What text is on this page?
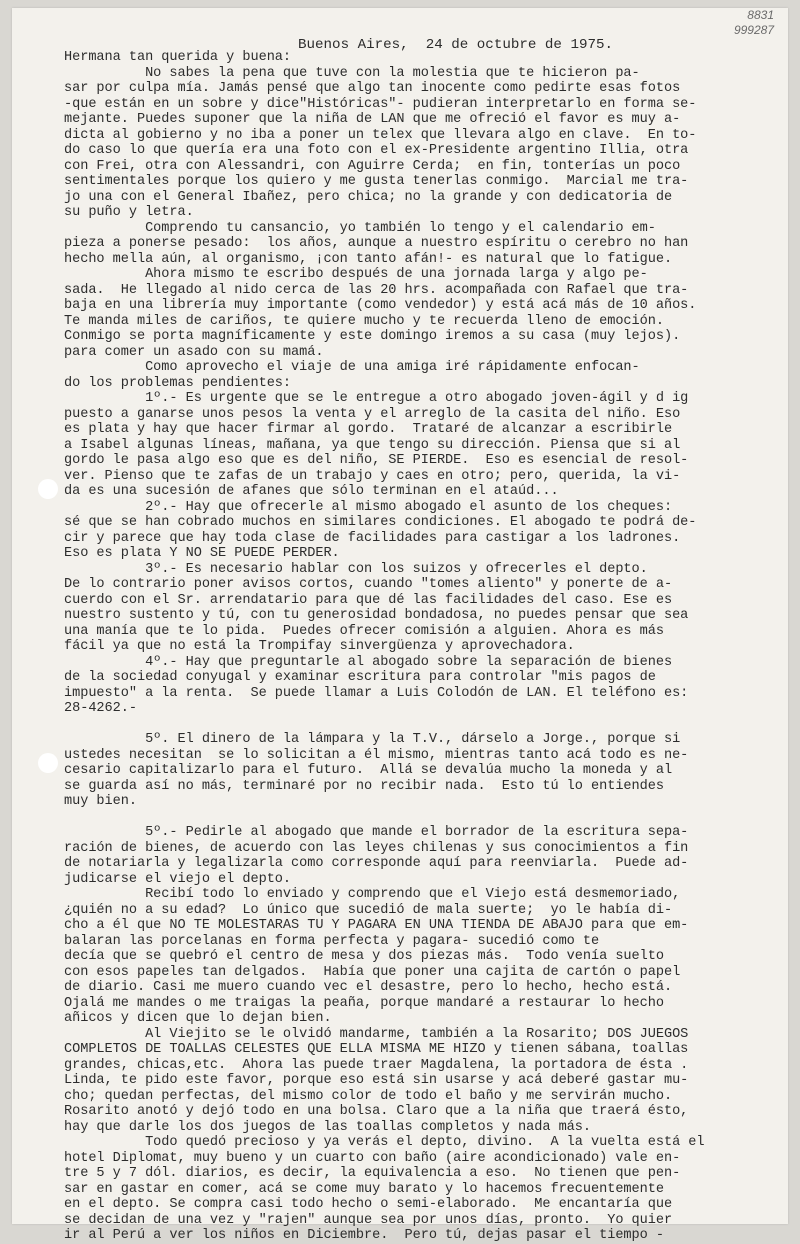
8831
999287
Buenos Aires,  24 de octubre de 1975.
Hermana tan querida y buena:
No sabes la pena que tuve con la molestia que te hicieron pa-
sar por culpa mía. Jamás pensé que algo tan inocente como pedirte esas fotos
-que están en un sobre y dice"Históricas"- pudieran interpretarlo en forma se-
mejante. Puedes suponer que la niña de LAN que me ofreció el favor es muy a-
dicta al gobierno y no iba a poner un telex que llevara algo en clave.  En to-
do caso lo que quería era una foto con el ex-Presidente argentino Illia, otra
con Frei, otra con Alessandri, con Aguirre Cerda;  en fin, tonterías un poco
sentimentales porque los quiero y me gusta tenerlas conmigo.  Marcial me tra-
jo una con el General Ibañez, pero chica; no la grande y con dedicatoria de
su puño y letra.
Comprendo tu cansancio, yo también lo tengo y el calendario em-
pieza a ponerse pesado:  los años, aunque a nuestro espíritu o cerebro no han
hecho mella aún, al organismo, ¡con tanto afán!- es natural que lo fatigue.
Ahora mismo te escribo después de una jornada larga y algo pe-
sada.  He llegado al nido cerca de las 20 hrs. acompañada con Rafael que tra-
baja en una librería muy importante (como vendedor) y está acá más de 10 años.
Te manda miles de cariños, te quiere mucho y te recuerda lleno de emoción.
Conmigo se porta magníficamente y este domingo iremos a su casa (muy lejos).
para comer un asado con su mamá.
Como aprovecho el viaje de una amiga iré rápidamente enfocan-
do los problemas pendientes:
1º.- Es urgente que se le entregue a otro abogado joven-ágil y d ig
puesto a ganarse unos pesos la venta y el arreglo de la casita del niño. Eso
es plata y hay que hacer firmar al gordo.  Trataré de alcanzar a escribirle
a Isabel algunas líneas, mañana, ya que tengo su dirección. Piensa que si al
gordo le pasa algo eso que es del niño, SE PIERDE.  Eso es esencial de resol-
ver. Pienso que te zafas de un trabajo y caes en otro; pero, querida, la vi-
da es una sucesión de afanes que sólo terminan en el ataúd...
2º.- Hay que ofrecerle al mismo abogado el asunto de los cheques:
sé que se han cobrado muchos en similares condiciones. El abogado te podrá de-
cir y parece que hay toda clase de facilidades para castigar a los ladrones.
Eso es plata Y NO SE PUEDE PERDER.
3º.- Es necesario hablar con los suizos y ofrecerles el depto.
De lo contrario poner avisos cortos, cuando "tomes aliento" y ponerte de a-
cuerdo con el Sr. arrendatario para que dé las facilidades del caso. Ese es
nuestro sustento y tú, con tu generosidad bondadosa, no puedes pensar que sea
una manía que te lo pida.  Puedes ofrecer comisión a alguien. Ahora es más
fácil ya que no está la Trompifay sinvergüenza y aprovechadora.
4º.- Hay que preguntarle al abogado sobre la separación de bienes
de la sociedad conyugal y examinar escritura para controlar "mis pagos de
impuesto" a la renta.  Se puede llamar a Luis Colodón de LAN. El teléfono es:
28-4262.-
5º. El dinero de la lámpara y la T.V., dárselo a Jorge., porque si
ustedes necesitan  se lo solicitan a él mismo, mientras tanto acá todo es ne-
cesario capitalizarlo para el futuro.  Allá se devalúa mucho la moneda y al
se guarda así no más, terminaré por no recibir nada.  Esto tú lo entiendes
muy bien.
5º.- Pedirle al abogado que mande el borrador de la escritura sepa-
ración de bienes, de acuerdo con las leyes chilenas y sus conocimientos a fin
de notariarla y legalizarla como corresponde aquí para reenviarla.  Puede ad-
judicarse el viejo el depto.
Recibí todo lo enviado y comprendo que el Viejo está desmemoriado,
¿quién no a su edad?  Lo único que sucedió de mala suerte;  yo le había di-
cho a él que NO TE MOLESTARAS TU Y PAGARA EN UNA TIENDA DE ABAJO para que em-
balaran las porcelanas en forma perfecta y pagara- sucedió como te
decía que se quebró el centro de mesa y dos piezas más.  Todo venía suelto
con esos papeles tan delgados.  Había que poner una cajita de cartón o papel
de diario. Casi me muero cuando vec el desastre, pero lo hecho, hecho está.
Ojalá me mandes o me traigas la peaña, porque mandaré a restaurar lo hecho
añicos y dicen que lo dejan bien.
Al Viejito se le olvidó mandarme, también a la Rosarito; DOS JUEGOS
COMPLETOS DE TOALLAS CELESTES QUE ELLA MISMA ME HIZO y tienen sábana, toallas
grandes, chicas,etc.  Ahora las puede traer Magdalena, la portadora de ésta .
Linda, te pido este favor, porque eso está sin usarse y acá deberé gastar mu-
cho; quedan perfectas, del mismo color de todo el baño y me servirán mucho.
Rosarito anotó y dejó todo en una bolsa. Claro que a la niña que traerá ésto,
hay que darle los dos juegos de las toallas completos y nada más.
Todo quedó precioso y ya verás el depto, divino.  A la vuelta está el
hotel Diplomat, muy bueno y un cuarto con baño (aire acondicionado) vale en-
tre 5 y 7 dól. diarios, es decir, la equivalencia a eso.  No tienen que pen-
sar en gastar en comer, acá se come muy barato y lo hacemos frecuentemente
en el depto. Se compra casi todo hecho o semi-elaborado.  Me encantaría que
se decidan de una vez y "rajen" aunque sea por unos días, pronto.  Yo quier
ir al Perú a ver los niños en Diciembre.  Pero tú, dejas pasar el tiempo -
